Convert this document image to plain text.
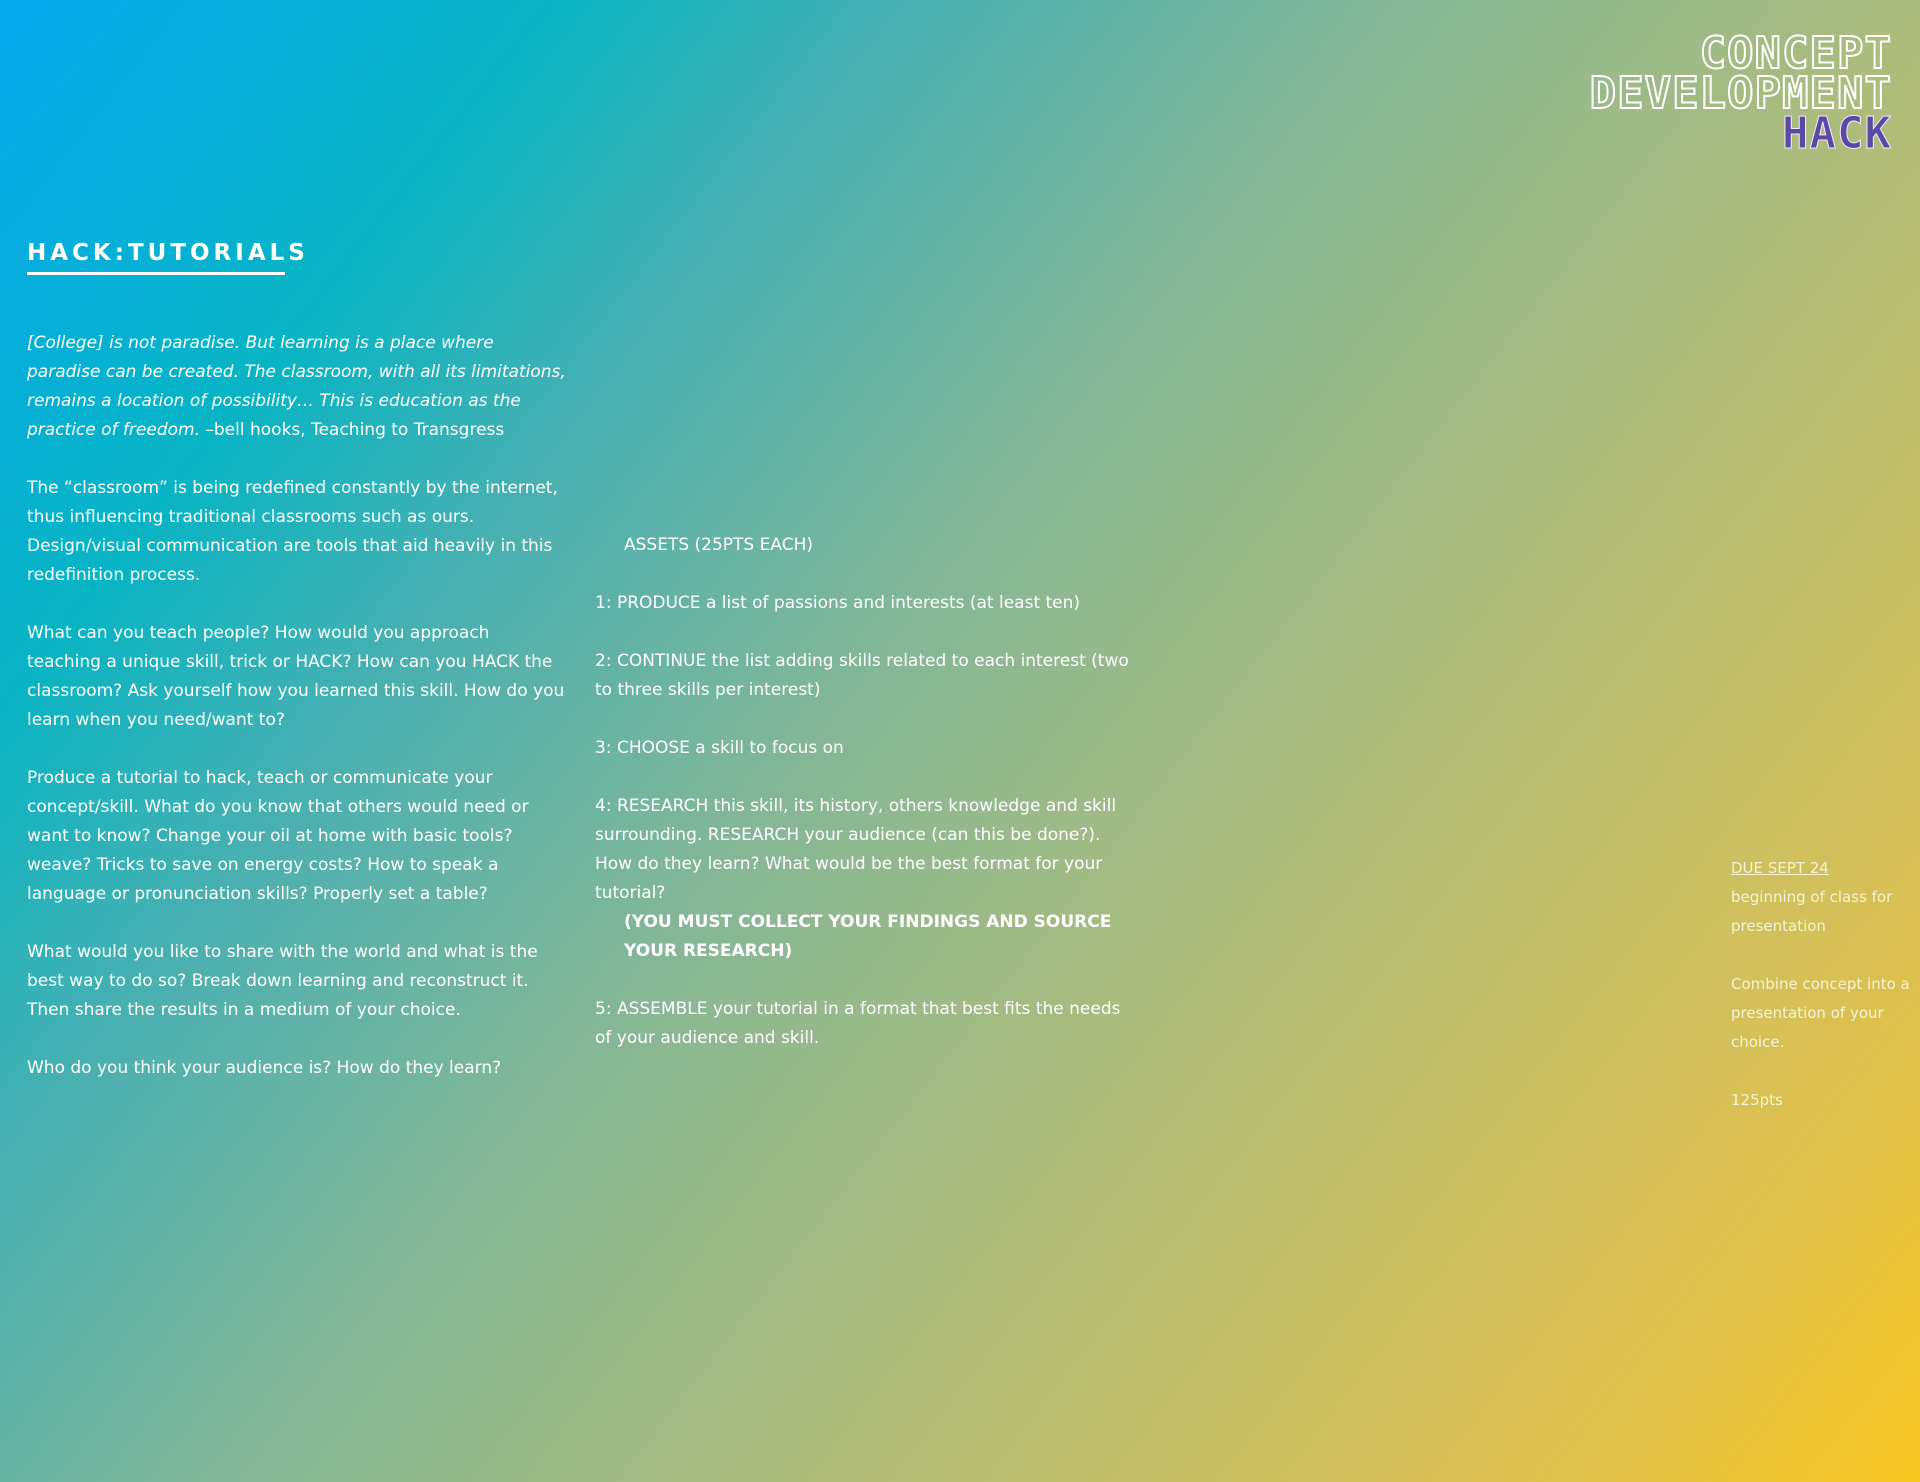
CONCEPT
DEVELOPMENT
HACK
HACK:TUTORIALS

[College] is not paradise. But learning is a place where paradise can be created. The classroom, with all its limitations, remains a location of possibility… This is education as the practice of freedom. –bell hooks, Teaching to Transgress

The “classroom” is being redefined constantly by the internet, thus influencing traditional classrooms such as ours. Design/visual communication are tools that aid heavily in this redefinition process.

What can you teach people? How would you approach teaching a unique skill, trick or HACK? How can you HACK the classroom? Ask yourself how you learned this skill. How do you learn when you need/want to?

Produce a tutorial to hack, teach or communicate your concept/skill. What do you know that others would need or want to know? Change your oil at home with basic tools? weave? Tricks to save on energy costs? How to speak a language or pronunciation skills? Properly set a table?

What would you like to share with the world and what is the best way to do so? Break down learning and reconstruct it. Then share the results in a medium of your choice.

Who do you think your audience is? How do they learn?

ASSETS (25PTS EACH)

1: PRODUCE a list of passions and interests (at least ten)

2: CONTINUE the list adding skills related to each interest (two to three skills per interest)

3: CHOOSE a skill to focus on

4: RESEARCH this skill, its history, others knowledge and skill surrounding. RESEARCH your audience (can this be done?). How do they learn? What would be the best format for your tutorial?
(YOU MUST COLLECT YOUR FINDINGS AND SOURCE YOUR RESEARCH)

5: ASSEMBLE your tutorial in a format that best fits the needs of your audience and skill.

DUE SEPT 24
beginning of class for presentation

Combine concept into a presentation of your choice.

125pts
